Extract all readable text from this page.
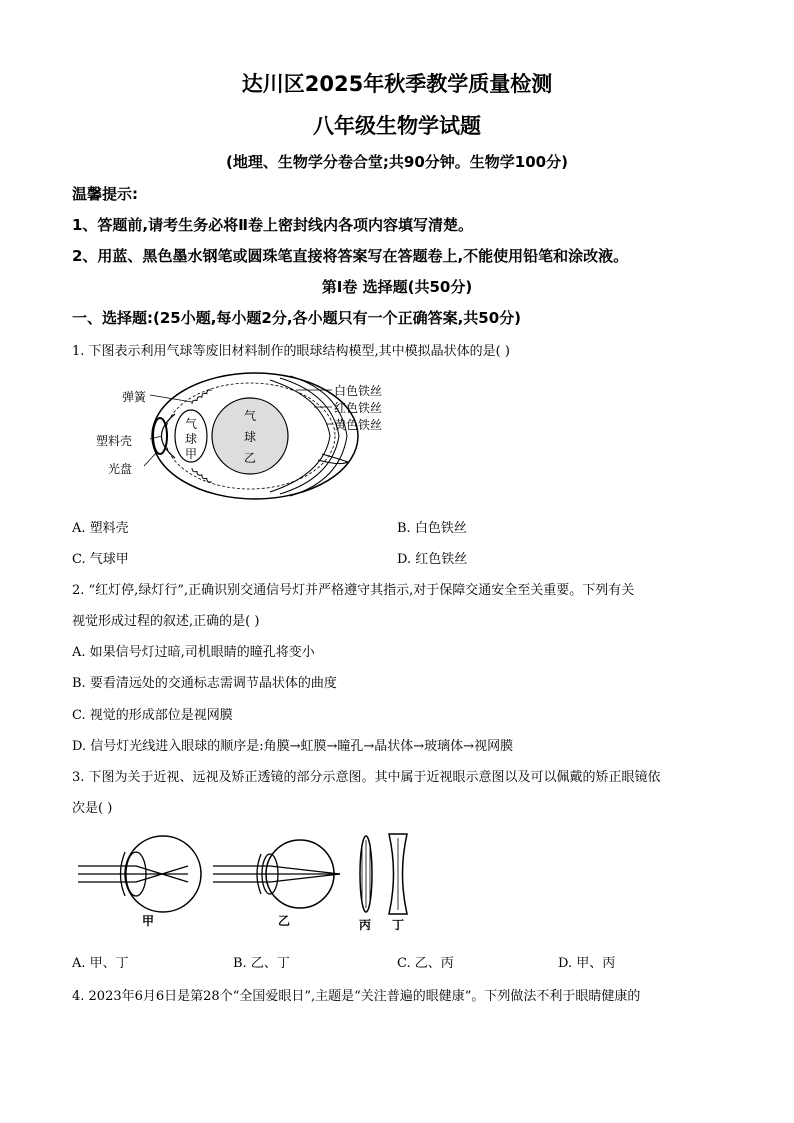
达川区2025年秋季教学质量检测
八年级生物学试题
(地理、生物学分卷合堂;共90分钟。生物学100分)
温馨提示:
1、答题前,请考生务必将Ⅱ卷上密封线内各项内容填写清楚。
2、用蓝、黑色墨水钢笔或圆珠笔直接将答案写在答题卷上,不能使用铅笔和涂改液。
第Ⅰ卷 选择题(共50分)
一、选择题:(25小题,每小题2分,各小题只有一个正确答案,共50分)
1. 下图表示利用气球等废旧材料制作的眼球结构模型,其中模拟晶状体的是( )
弹簧
塑料壳
光盘
气
球
甲
气
球
乙
白色铁丝
红色铁丝
黄色铁丝
A. 塑料壳	B. 白色铁丝
C. 气球甲	D. 红色铁丝
2. “红灯停,绿灯行”,正确识别交通信号灯并严格遵守其指示,对于保障交通安全至关重要。下列有关
视觉形成过程的叙述,正确的是( )
A. 如果信号灯过暗,司机眼睛的瞳孔将变小
B. 要看清远处的交通标志需调节晶状体的曲度
C. 视觉的形成部位是视网膜
D. 信号灯光线进入眼球的顺序是:角膜→虹膜→瞳孔→晶状体→玻璃体→视网膜
3. 下图为关于近视、远视及矫正透镜的部分示意图。其中属于近视眼示意图以及可以佩戴的矫正眼镜依
次是( )
甲	乙	丙 丁
A. 甲、丁	B. 乙、丁	C. 乙、丙	D. 甲、丙
4. 2023年6月6日是第28个“全国爱眼日”,主题是“关注普遍的眼健康”。下列做法不利于眼睛健康的
